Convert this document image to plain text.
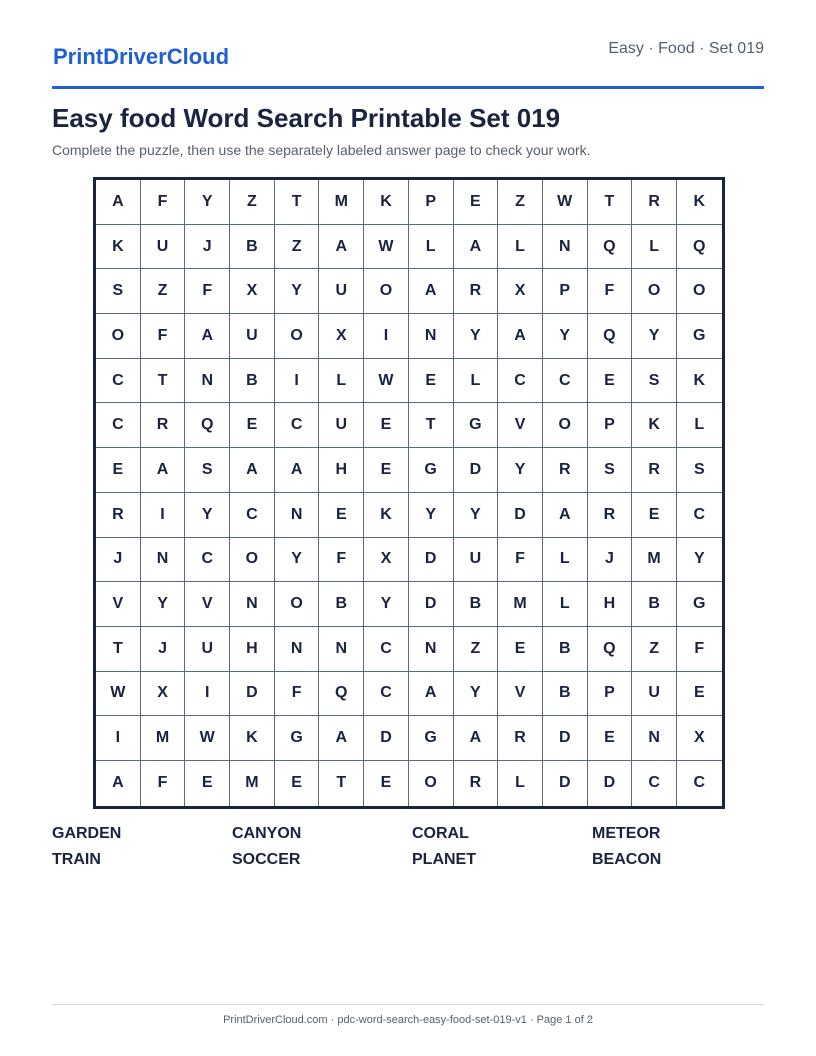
PrintDriverCloud	Easy · Food · Set 019
Easy food Word Search Printable Set 019
Complete the puzzle, then use the separately labeled answer page to check your work.
A	F	Y	Z	T	M	K	P	E	Z	W	T	R	K
K	U	J	B	Z	A	W	L	A	L	N	Q	L	Q
S	Z	F	X	Y	U	O	A	R	X	P	F	O	O
O	F	A	U	O	X	I	N	Y	A	Y	Q	Y	G
C	T	N	B	I	L	W	E	L	C	C	E	S	K
C	R	Q	E	C	U	E	T	G	V	O	P	K	L
E	A	S	A	A	H	E	G	D	Y	R	S	R	S
R	I	Y	C	N	E	K	Y	Y	D	A	R	E	C
J	N	C	O	Y	F	X	D	U	F	L	J	M	Y
V	Y	V	N	O	B	Y	D	B	M	L	H	B	G
T	J	U	H	N	N	C	N	Z	E	B	Q	Z	F
W	X	I	D	F	Q	C	A	Y	V	B	P	U	E
I	M	W	K	G	A	D	G	A	R	D	E	N	X
A	F	E	M	E	T	E	O	R	L	D	D	C	C
GARDEN	CANYON	CORAL	METEOR
TRAIN	SOCCER	PLANET	BEACON
PrintDriverCloud.com · pdc-word-search-easy-food-set-019-v1 · Page 1 of 2
